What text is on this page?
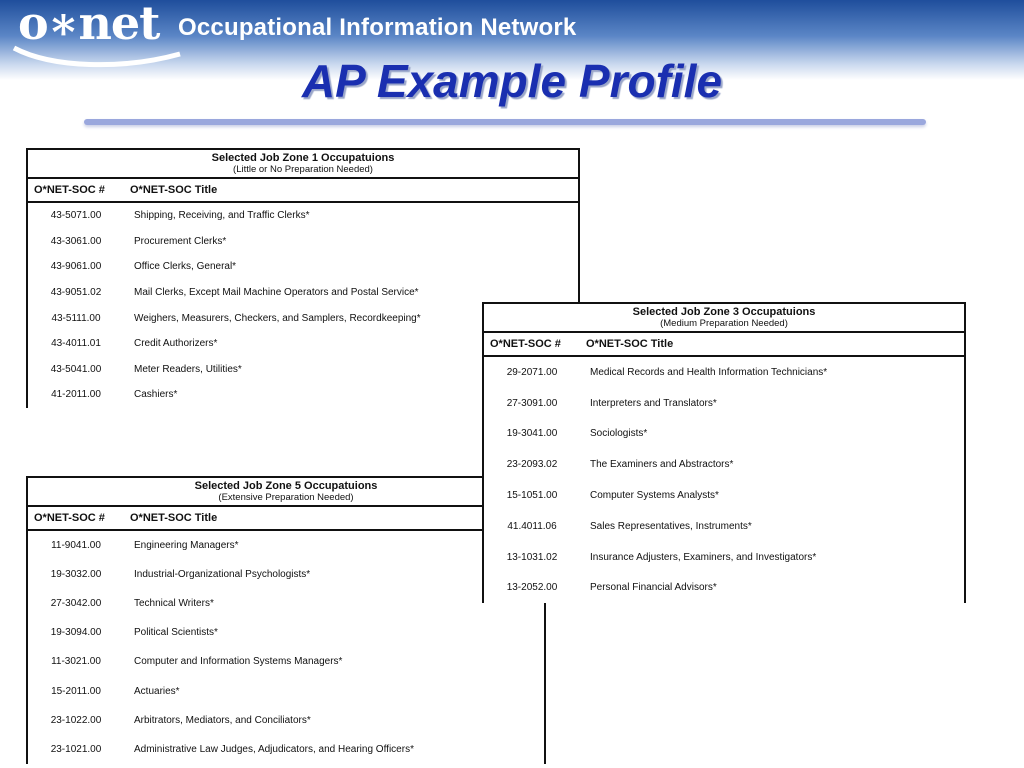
o∗net Occupational Information Network
AP Example Profile
Selected Job Zone 1 Occupatuions
(Little or No Preparation Needed)	

O*NET-SOC #	O*NET-SOC Title
43-5071.00	Shipping, Receiving, and Traffic Clerks*
43-3061.00	Procurement Clerks*
43-9061.00	Office Clerks, General*
43-9051.02	Mail Clerks, Except Mail Machine Operators and Postal Service*
43-5111.00	Weighers, Measurers, Checkers, and Samplers, Recordkeeping*
43-4011.01	Credit Authorizers*
43-5041.00	Meter Readers, Utilities*
41-2011.00	Cashiers*
Selected Job Zone 5 Occupatuions
(Extensive Preparation Needed)	

O*NET-SOC #	O*NET-SOC Title
11-9041.00	Engineering Managers*
19-3032.00	Industrial-Organizational Psychologists*
27-3042.00	Technical Writers*
19-3094.00	Political Scientists*
11-3021.00	Computer and Information Systems Managers*
15-2011.00	Actuaries*
23-1022.00	Arbitrators, Mediators, and Conciliators*
23-1021.00	Administrative Law Judges, Adjudicators, and Hearing Officers*
Selected Job Zone 3 Occupatuions
(Medium Preparation Needed)	

O*NET-SOC #	O*NET-SOC Title
29-2071.00	Medical Records and Health Information Technicians*
27-3091.00	Interpreters and Translators*
19-3041.00	Sociologists*
23-2093.02	The Examiners and Abstractors*
15-1051.00	Computer Systems Analysts*
41.4011.06	Sales Representatives, Instruments*
13-1031.02	Insurance Adjusters, Examiners, and Investigators*
13-2052.00	Personal Financial Advisors*
